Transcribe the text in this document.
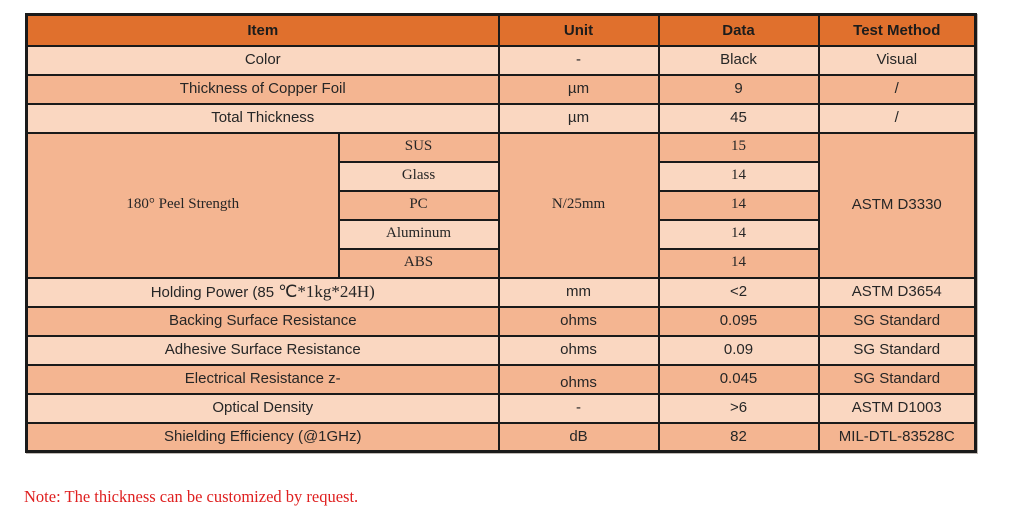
Item		Unit	Data	Test Method
Color		-	Black	Visual
Thickness of Copper Foil		µm	9	/
Total Thickness		µm	45	/
180° Peel Strength	SUS	N/25mm	15	ASTM D3330
	Glass		14	
	PC		14	
	Aluminum		14	
	ABS		14	
Holding Power (85 ℃*1kg*24H)		mm	<2	ASTM D3654
Backing Surface Resistance		ohms	0.095	SG Standard
Adhesive Surface Resistance		ohms	0.09	SG Standard
Electrical Resistance z-		ohms	0.045	SG Standard
Optical Density		-	>6	ASTM D1003
Shielding Efficiency (@1GHz)		dB	82	MIL-DTL-83528C
Note: The thickness can be customized by request.
